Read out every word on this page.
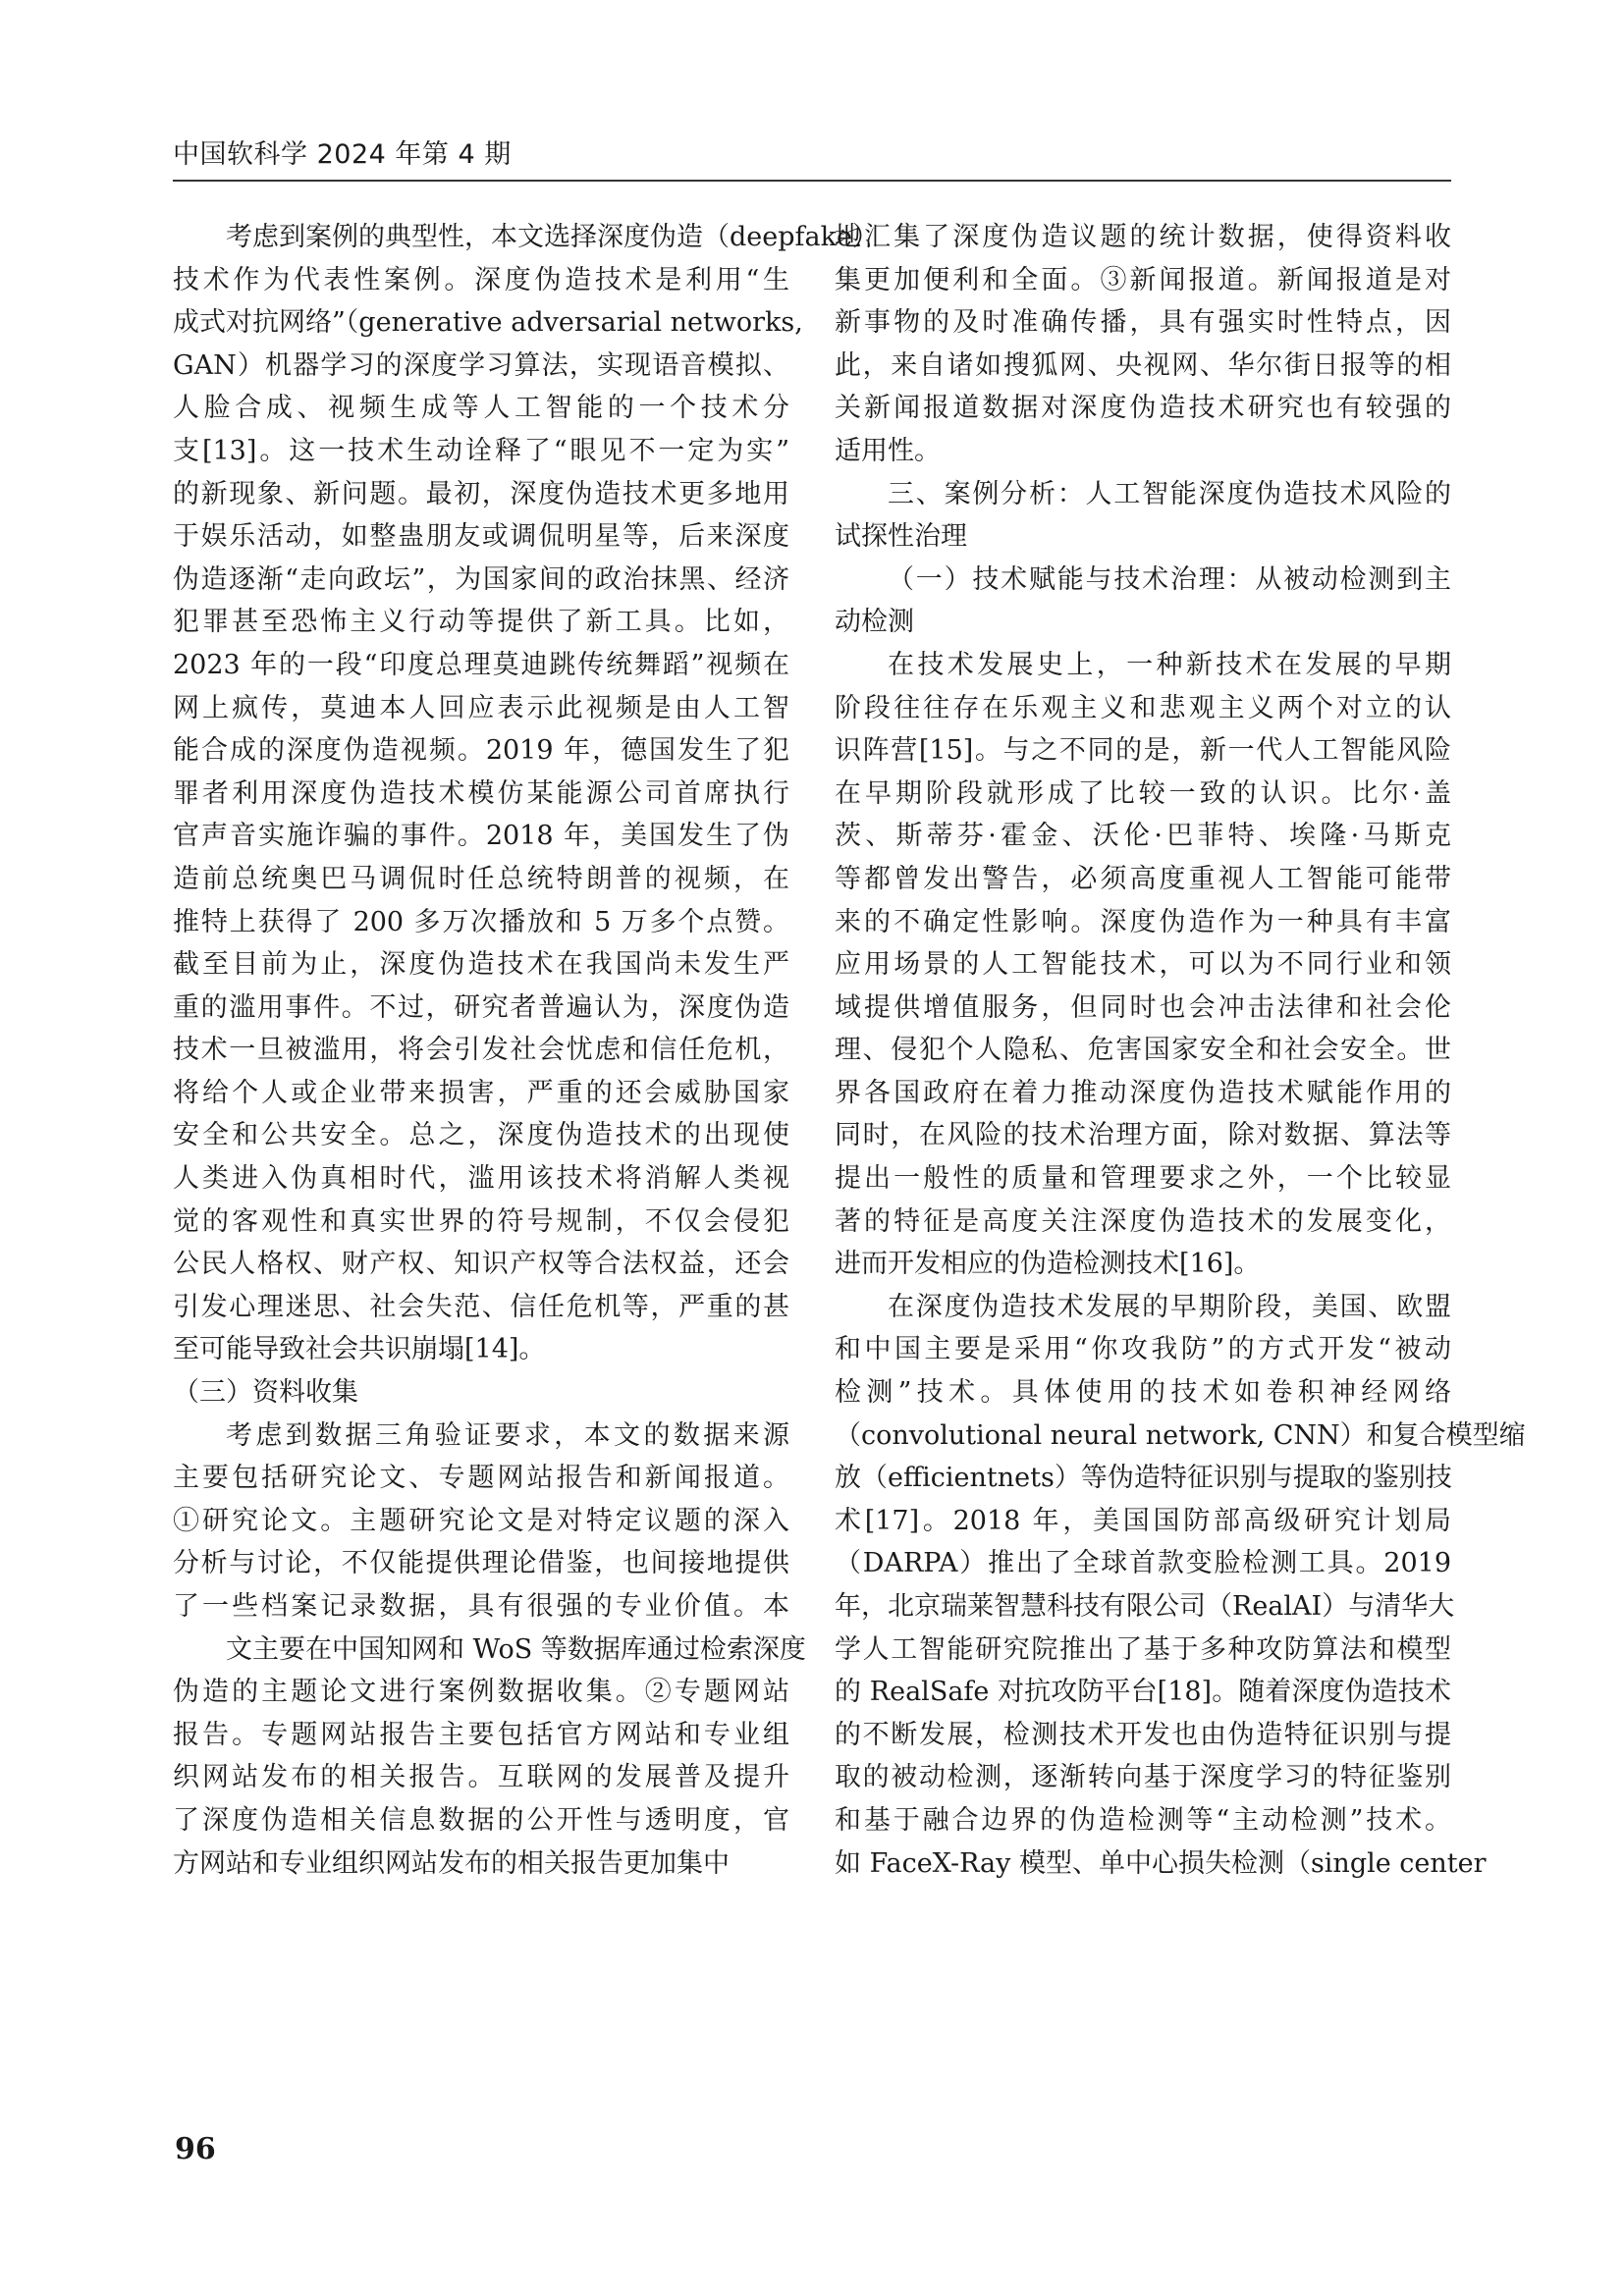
中国软科学 2024 年第 4 期
考虑到案例的典型性，本文选择深度伪造（deepfake）
技术作为代表性案例。深度伪造技术是利用“生
成式对抗网络”（generative adversarial networks,
GAN）机器学习的深度学习算法，实现语音模拟、
人脸合成、视频生成等人工智能的一个技术分
支[13]。这一技术生动诠释了“眼见不一定为实”
的新现象、新问题。最初，深度伪造技术更多地用
于娱乐活动，如整蛊朋友或调侃明星等，后来深度
伪造逐渐“走向政坛”，为国家间的政治抹黑、经济
犯罪甚至恐怖主义行动等提供了新工具。比如，
2023 年的一段“印度总理莫迪跳传统舞蹈”视频在
网上疯传，莫迪本人回应表示此视频是由人工智
能合成的深度伪造视频。2019 年，德国发生了犯
罪者利用深度伪造技术模仿某能源公司首席执行
官声音实施诈骗的事件。2018 年，美国发生了伪
造前总统奥巴马调侃时任总统特朗普的视频，在
推特上获得了 200 多万次播放和 5 万多个点赞。
截至目前为止，深度伪造技术在我国尚未发生严
重的滥用事件。不过，研究者普遍认为，深度伪造
技术一旦被滥用，将会引发社会忧虑和信任危机，
将给个人或企业带来损害，严重的还会威胁国家
安全和公共安全。总之，深度伪造技术的出现使
人类进入伪真相时代，滥用该技术将消解人类视
觉的客观性和真实世界的符号规制，不仅会侵犯
公民人格权、财产权、知识产权等合法权益，还会
引发心理迷思、社会失范、信任危机等，严重的甚
至可能导致社会共识崩塌[14]。
（三）资料收集
考虑到数据三角验证要求，本文的数据来源
主要包括研究论文、专题网站报告和新闻报道。
①研究论文。主题研究论文是对特定议题的深入
分析与讨论，不仅能提供理论借鉴，也间接地提供
了一些档案记录数据，具有很强的专业价值。本
文主要在中国知网和 WoS 等数据库通过检索深度
伪造的主题论文进行案例数据收集。②专题网站
报告。专题网站报告主要包括官方网站和专业组
织网站发布的相关报告。互联网的发展普及提升
了深度伪造相关信息数据的公开性与透明度，官
方网站和专业组织网站发布的相关报告更加集中
地汇集了深度伪造议题的统计数据，使得资料收
集更加便利和全面。③新闻报道。新闻报道是对
新事物的及时准确传播，具有强实时性特点，因
此，来自诸如搜狐网、央视网、华尔街日报等的相
关新闻报道数据对深度伪造技术研究也有较强的
适用性。
三、案例分析：人工智能深度伪造技术风险的
试探性治理
（一）技术赋能与技术治理：从被动检测到主
动检测
在技术发展史上，一种新技术在发展的早期
阶段往往存在乐观主义和悲观主义两个对立的认
识阵营[15]。与之不同的是，新一代人工智能风险
在早期阶段就形成了比较一致的认识。比尔·盖
茨、斯蒂芬·霍金、沃伦·巴菲特、埃隆·马斯克
等都曾发出警告，必须高度重视人工智能可能带
来的不确定性影响。深度伪造作为一种具有丰富
应用场景的人工智能技术，可以为不同行业和领
域提供增值服务，但同时也会冲击法律和社会伦
理、侵犯个人隐私、危害国家安全和社会安全。世
界各国政府在着力推动深度伪造技术赋能作用的
同时，在风险的技术治理方面，除对数据、算法等
提出一般性的质量和管理要求之外，一个比较显
著的特征是高度关注深度伪造技术的发展变化，
进而开发相应的伪造检测技术[16]。
在深度伪造技术发展的早期阶段，美国、欧盟
和中国主要是采用“你攻我防”的方式开发“被动
检测”技术。具体使用的技术如卷积神经网络
（convolutional neural network, CNN）和复合模型缩
放（efficientnets）等伪造特征识别与提取的鉴别技
术[17]。2018 年，美国国防部高级研究计划局
（DARPA）推出了全球首款变脸检测工具。2019
年，北京瑞莱智慧科技有限公司（RealAI）与清华大
学人工智能研究院推出了基于多种攻防算法和模型
的 RealSafe 对抗攻防平台[18]。随着深度伪造技术
的不断发展，检测技术开发也由伪造特征识别与提
取的被动检测，逐渐转向基于深度学习的特征鉴别
和基于融合边界的伪造检测等“主动检测”技术。
如 FaceX-Ray 模型、单中心损失检测（single center
96
